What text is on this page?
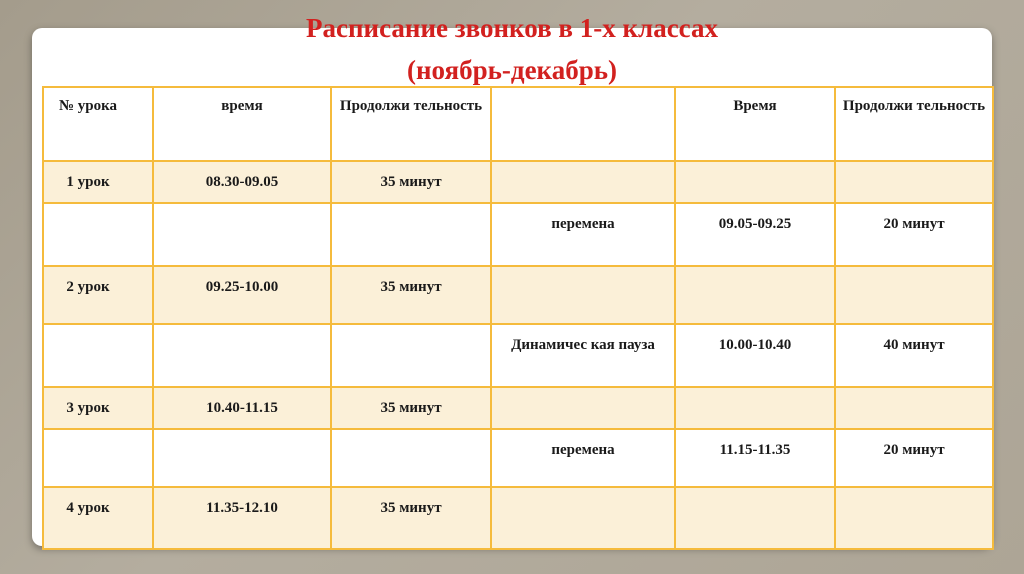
Расписание звонков в 1-х классах
(ноябрь-декабрь)
№ урока	время	Продолжи тельность		Время	Продолжи тельность
1 урок	08.30-09.05	35 минут			
			перемена	09.05-09.25	20 минут
2 урок	09.25-10.00	35 минут			
			Динамичес кая пауза	10.00-10.40	40 минут
3 урок	10.40-11.15	35 минут			
			перемена	11.15-11.35	20 минут
4 урок	11.35-12.10	35 минут			
